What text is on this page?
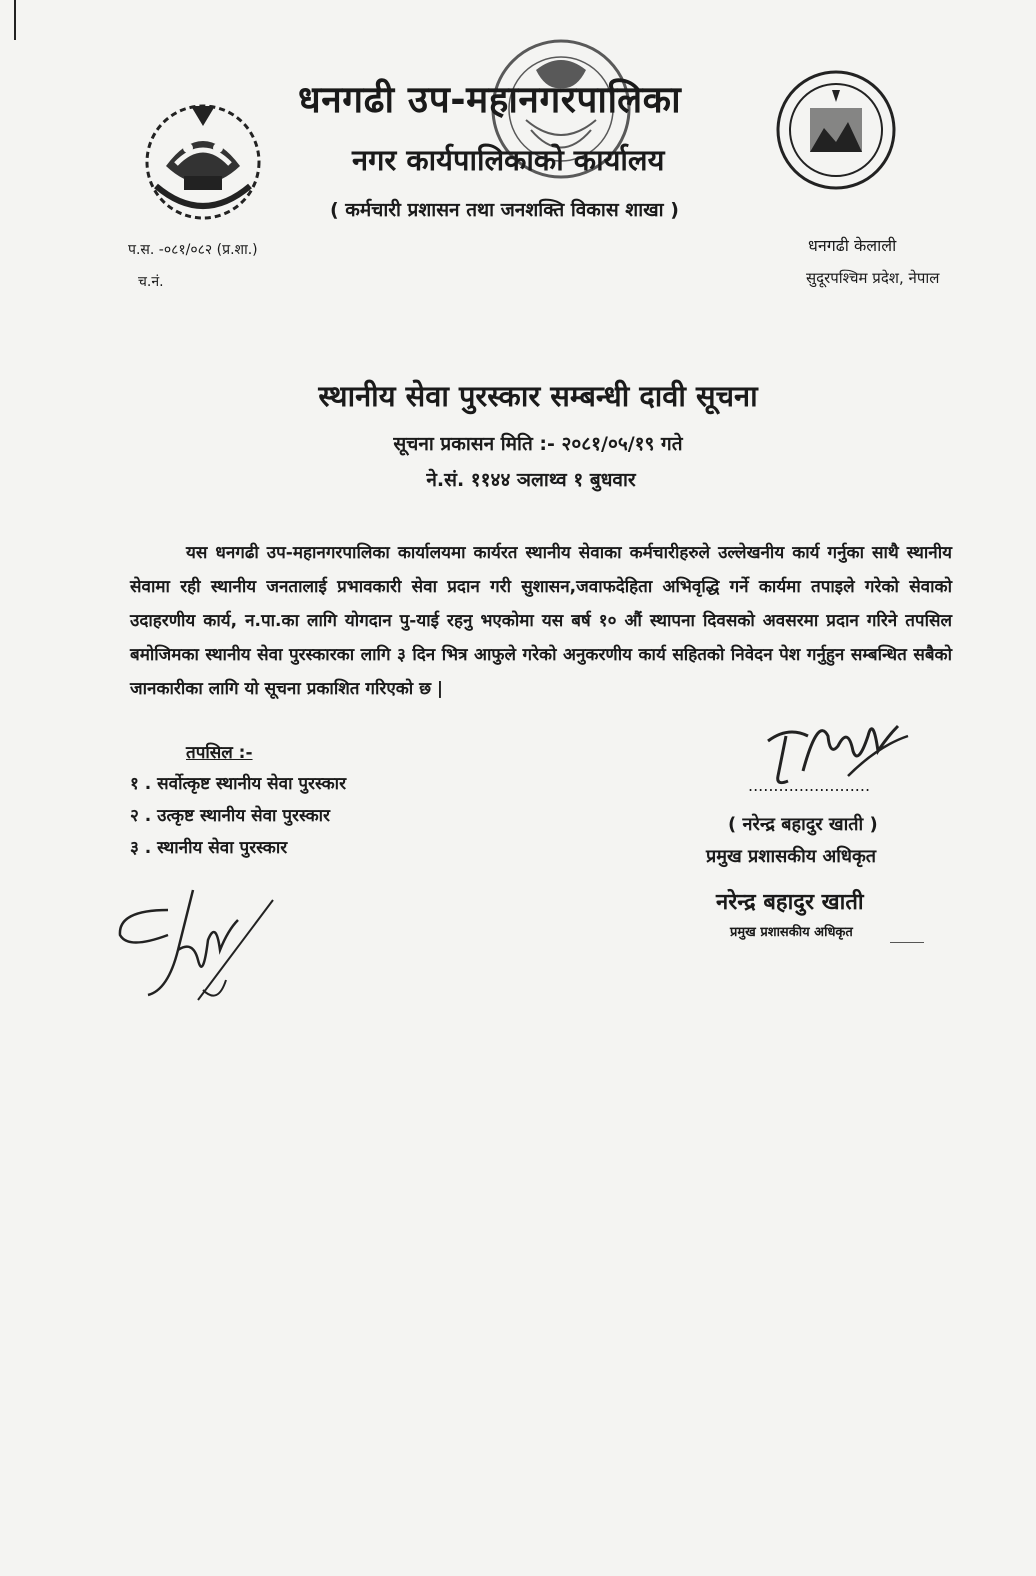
धनगढी उप-महानगरपालिका
नगर कार्यपालिकाको कार्यालय
( कर्मचारी प्रशासन तथा जनशक्ति विकास शाखा )
प.स. -०८१/०८२ (प्र.शा.)
च.नं.
धनगढी केलाली
सुदूरपश्चिम प्रदेश, नेपाल
स्थानीय सेवा पुरस्कार सम्बन्धी दावी सूचना
सूचना प्रकासन मिति :- २०८१/०५/१९ गते
ने.सं. ११४४ ञलाथ्व १ बुधवार
यस धनगढी उप-महानगरपालिका कार्यालयमा कार्यरत स्थानीय सेवाका कर्मचारीहरुले उल्लेखनीय कार्य गर्नुका साथै स्थानीय सेवामा रही स्थानीय जनतालाई प्रभावकारी सेवा प्रदान गरी सुशासन,जवाफदेहिता अभिवृद्धि गर्ने कार्यमा तपाइले गरेको सेवाको उदाहरणीय कार्य, न.पा.का लागि योगदान पु-याई रहनु भएकोमा यस बर्ष १० औं स्थापना दिवसको अवसरमा प्रदान गरिने तपसिल बमोजिमका स्थानीय सेवा पुरस्कारका लागि ३ दिन भित्र आफुले गरेको अनुकरणीय कार्य सहितको निवेदन पेश गर्नुहुन सम्बन्धित सबैको जानकारीका लागि यो सूचना प्रकाशित गरिएको छ |
तपसिल :-
१ . सर्वोत्कृष्ट स्थानीय सेवा पुरस्कार
२ . उत्कृष्ट स्थानीय सेवा पुरस्कार
३ . स्थानीय सेवा पुरस्कार
........................
( नरेन्द्र बहादुर खाती )
प्रमुख प्रशासकीय अधिकृत
नरेन्द्र बहादुर खाती
प्रमुख प्रशासकीय अधिकृत
